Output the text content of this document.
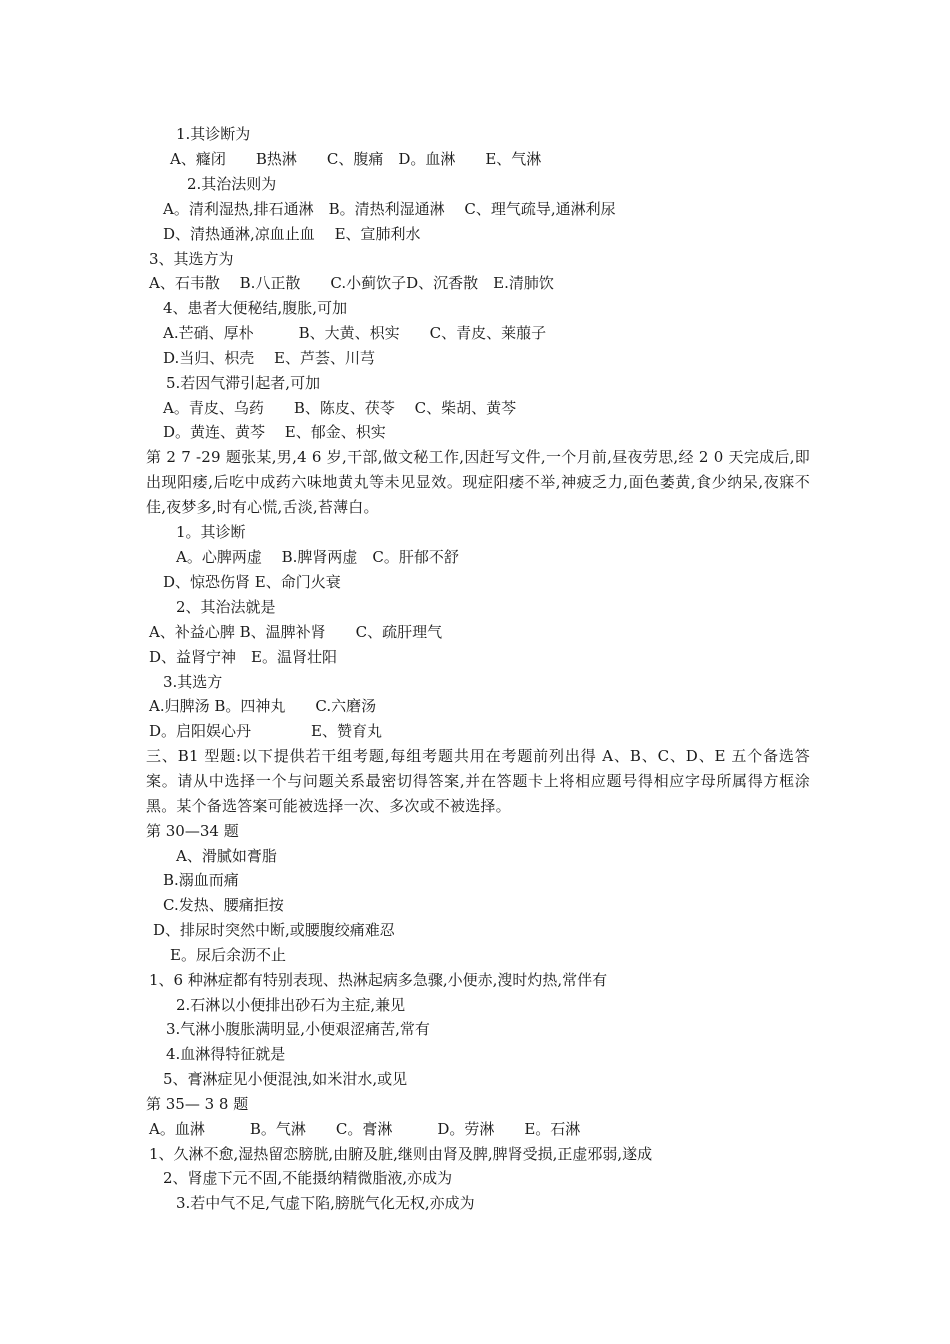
1.其诊断为
A、癃闭　　B热淋　　C、腹痛　D。血淋　　E、气淋
2.其治法则为
A。清利湿热,排石通淋　B。清热利湿通淋　 C、理气疏导,通淋利尿
D、清热通淋,凉血止血　 E、宣肺利水
3、其选方为
A、石韦散　 B.八正散　　C.小蓟饮子D、沉香散　E.清肺饮
4、患者大便秘结,腹胀,可加
A.芒硝、厚朴　　　B、大黄、枳实　　C、青皮、莱菔子
D.当归、枳壳　 E、芦荟、川芎
5.若因气滞引起者,可加
A。青皮、乌药　　B、陈皮、茯苓　 C、柴胡、黄芩
D。黄连、黄芩　 E、郁金、枳实
第 2 7 -29 题张某,男,4 6 岁,干部,做文秘工作,因赶写文件,一个月前,昼夜劳思,经 2 0 天完成后,即出现阳痿,后吃中成药六味地黄丸等未见显效。现症阳痿不举,神疲乏力,面色萎黄,食少纳呆,夜寐不佳,夜梦多,时有心慌,舌淡,苔薄白。
1。其诊断
A。心脾两虚　 B.脾肾两虚　C。肝郁不舒
D、惊恐伤肾 E、命门火衰
2、其治法就是
A、补益心脾 B、温脾补肾　　C、疏肝理气
D、益肾宁神　E。温肾壮阳
3.其选方
A.归脾汤 B。四神丸　　C.六磨汤
D。启阳娱心丹　　　　E、赞育丸
三、B1 型题:以下提供若干组考题,每组考题共用在考题前列出得 A、B、C、D、E 五个备选答案。请从中选择一个与问题关系最密切得答案,并在答题卡上将相应题号得相应字母所属得方框涂黑。某个备选答案可能被选择一次、多次或不被选择。
第 30—34 题
A、滑腻如膏脂
B.溺血而痛
C.发热、腰痛拒按
D、排尿时突然中断,或腰腹绞痛难忍
E。尿后余沥不止
1、6 种淋症都有特别表现、热淋起病多急骤,小便赤,溲时灼热,常伴有
2.石淋以小便排出砂石为主症,兼见
3.气淋小腹胀满明显,小便艰涩痛苦,常有
4.血淋得特征就是
5、膏淋症见小便混浊,如米泔水,或见
第 35— 3 8 题
A。血淋　　　B。气淋　　C。膏淋　　　D。劳淋　　E。石淋
1、久淋不愈,湿热留恋膀胱,由腑及脏,继则由肾及脾,脾肾受损,正虚邪弱,遂成
2、肾虚下元不固,不能摄纳精微脂液,亦成为
3.若中气不足,气虚下陷,膀胱气化无权,亦成为
